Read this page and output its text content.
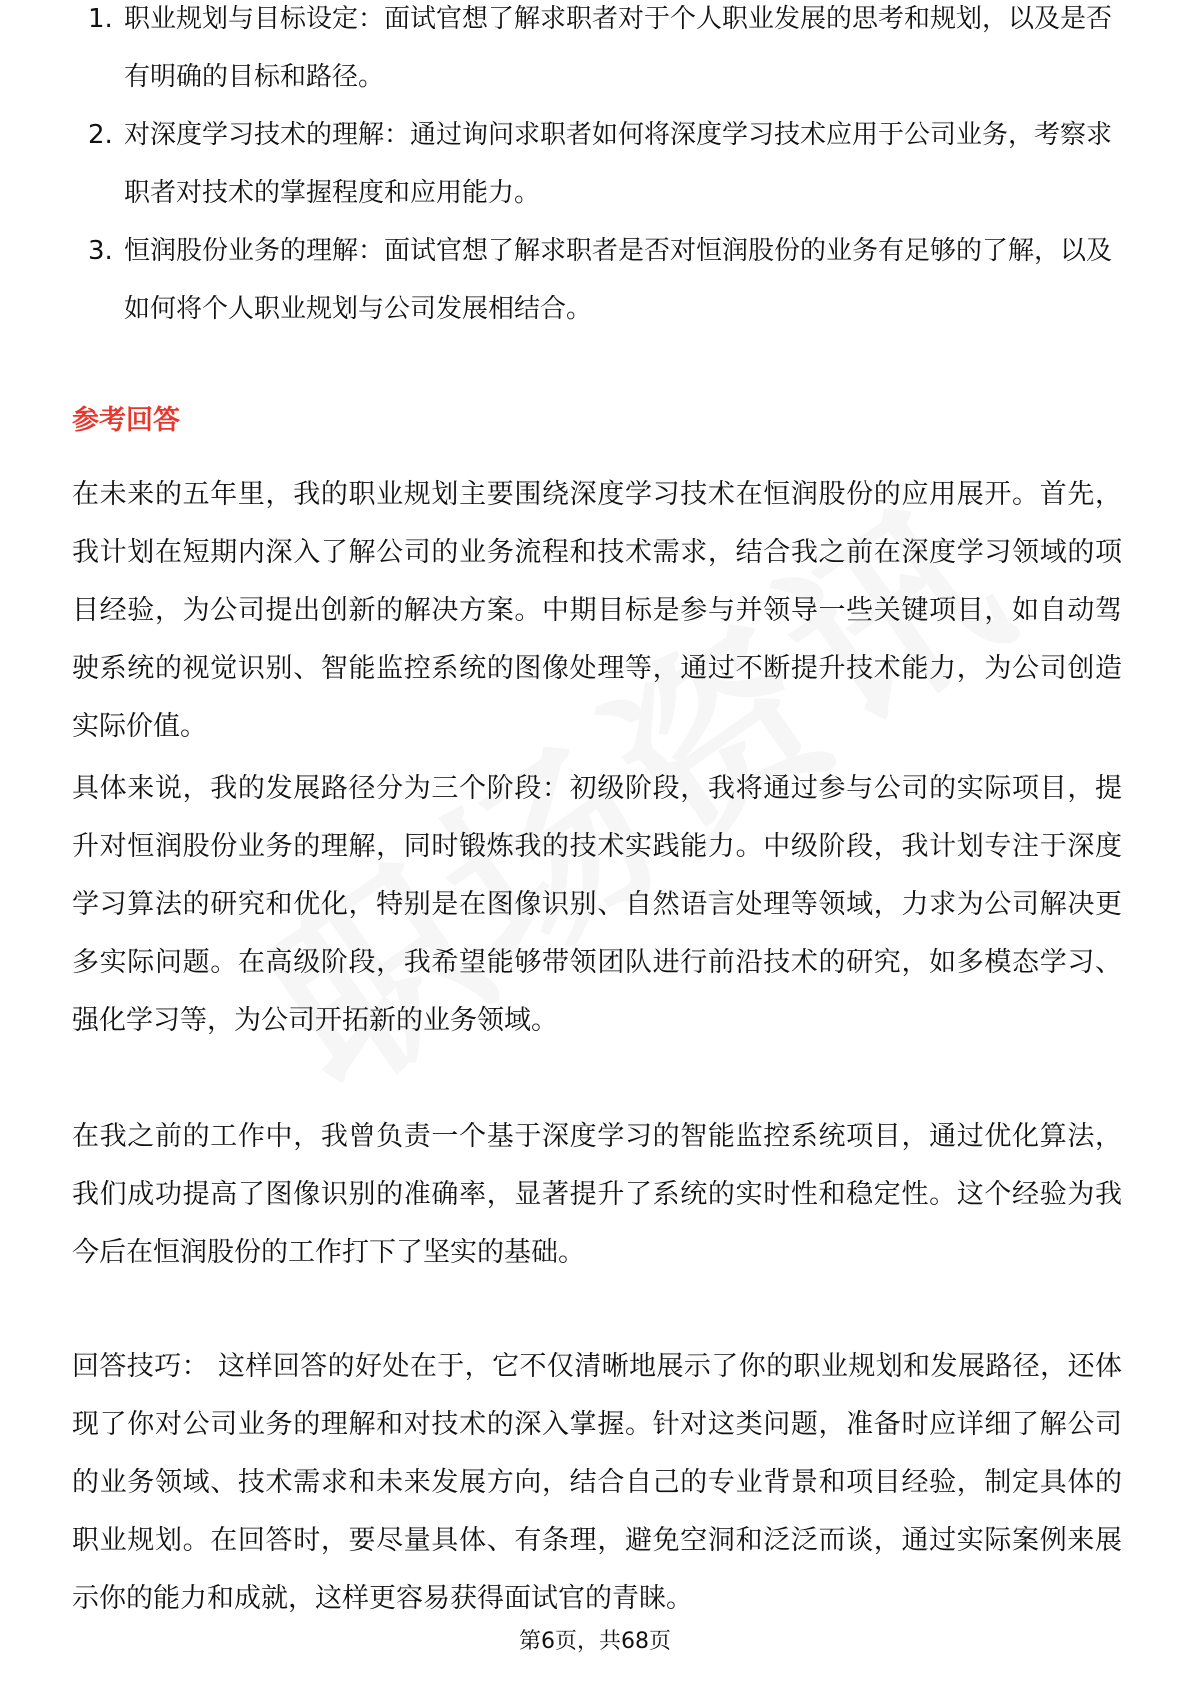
1. 职业规划与目标设定：面试官想了解求职者对于个人职业发展的思考和规划，以及是否有明确的目标和路径。
2. 对深度学习技术的理解：通过询问求职者如何将深度学习技术应用于公司业务，考察求职者对技术的掌握程度和应用能力。
3. 恒润股份业务的理解：面试官想了解求职者是否对恒润股份的业务有足够的了解，以及如何将个人职业规划与公司发展相结合。
参考回答

在未来的五年里，我的职业规划主要围绕深度学习技术在恒润股份的应用展开。首先，我计划在短期内深入了解公司的业务流程和技术需求，结合我之前在深度学习领域的项目经验，为公司提出创新的解决方案。中期目标是参与并领导一些关键项目，如自动驾驶系统的视觉识别、智能监控系统的图像处理等，通过不断提升技术能力，为公司创造实际价值。

具体来说，我的发展路径分为三个阶段：初级阶段，我将通过参与公司的实际项目，提升对恒润股份业务的理解，同时锻炼我的技术实践能力。中级阶段，我计划专注于深度学习算法的研究和优化，特别是在图像识别、自然语言处理等领域，力求为公司解决更多实际问题。在高级阶段，我希望能够带领团队进行前沿技术的研究，如多模态学习、强化学习等，为公司开拓新的业务领域。

在我之前的工作中，我曾负责一个基于深度学习的智能监控系统项目，通过优化算法，我们成功提高了图像识别的准确率，显著提升了系统的实时性和稳定性。这个经验为我今后在恒润股份的工作打下了坚实的基础。

回答技巧： 这样回答的好处在于，它不仅清晰地展示了你的职业规划和发展路径，还体现了你对公司业务的理解和对技术的深入掌握。针对这类问题，准备时应详细了解公司的业务领域、技术需求和未来发展方向，结合自己的专业背景和项目经验，制定具体的职业规划。在回答时，要尽量具体、有条理，避免空洞和泛泛而谈，通过实际案例来展示你的能力和成就，这样更容易获得面试官的青睐。

第6页，共68页
